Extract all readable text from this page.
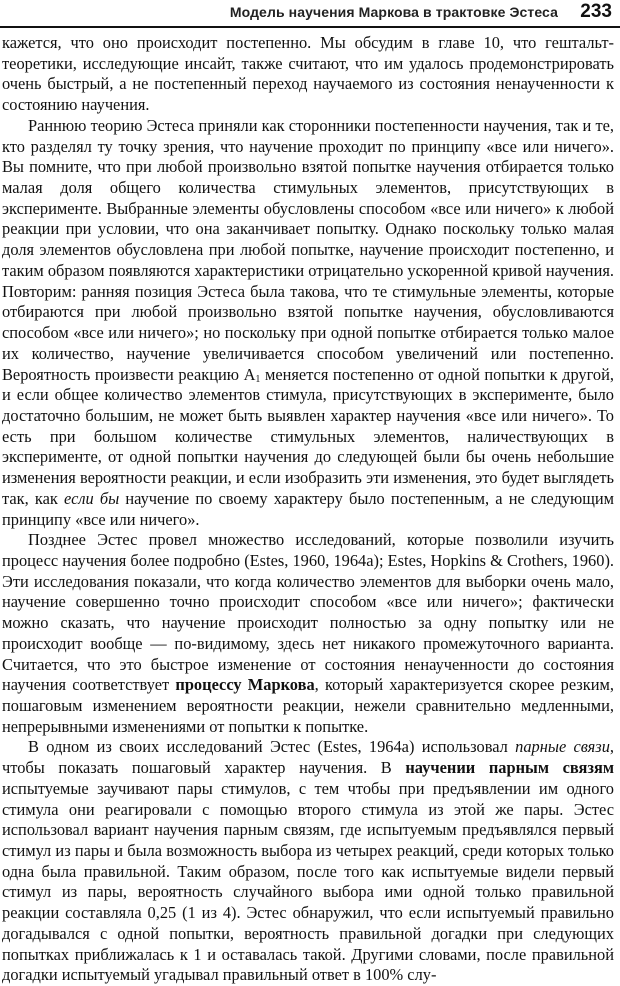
Модель научения Маркова в трактовке Эстеса 233

кажется, что оно происходит постепенно. Мы обсудим в главе 10, что гештальт-теоретики, исследующие инсайт, также считают, что им удалось продемонстрировать очень быстрый, а не постепенный переход научаемого из состояния ненаученности к состоянию научения.

Раннюю теорию Эстеса приняли как сторонники постепенности научения, так и те, кто разделял ту точку зрения, что научение проходит по принципу «все или ничего». Вы помните, что при любой произвольно взятой попытке научения отбирается только малая доля общего количества стимульных элементов, присутствующих в эксперименте. Выбранные элементы обусловлены способом «все или ничего» к любой реакции при условии, что она заканчивает попытку. Однако поскольку только малая доля элементов обусловлена при любой попытке, научение происходит постепенно, и таким образом появляются характеристики отрицательно ускоренной кривой научения. Повторим: ранняя позиция Эстеса была такова, что те стимульные элементы, которые отбираются при любой произвольно взятой попытке научения, обусловливаются способом «все или ничего»; но поскольку при одной попытке отбирается только малое их количество, научение увеличивается способом увеличений или постепенно. Вероятность произвести реакцию $A_1$ меняется постепенно от одной попытки к другой, и если общее количество элементов стимула, присутствующих в эксперименте, было достаточно большим, не может быть выявлен характер научения «все или ничего». То есть при большом количестве стимульных элементов, наличествующих в эксперименте, от одной попытки научения до следующей были бы очень небольшие изменения вероятности реакции, и если изобразить эти изменения, это будет выглядеть так, как если бы научение по своему характеру было постепенным, а не следующим принципу «все или ничего».

Позднее Эстес провел множество исследований, которые позволили изучить процесс научения более подробно (Estes, 1960, 1964a); Estes, Hopkins & Crothers, 1960). Эти исследования показали, что когда количество элементов для выборки очень мало, научение совершенно точно происходит способом «все или ничего»; фактически можно сказать, что научение происходит полностью за одну попытку или не происходит вообще — по-видимому, здесь нет никакого промежуточного варианта. Считается, что это быстрое изменение от состояния ненаученности до состояния научения соответствует процессу Маркова, который характеризуется скорее резким, пошаговым изменением вероятности реакции, нежели сравнительно медленными, непрерывными изменениями от попытки к попытке.

В одном из своих исследований Эстес (Estes, 1964a) использовал парные связи, чтобы показать пошаговый характер научения. В научении парным связям испытуемые заучивают пары стимулов, с тем чтобы при предъявлении им одного стимула они реагировали с помощью второго стимула из этой же пары. Эстес использовал вариант научения парным связям, где испытуемым предъявлялся первый стимул из пары и была возможность выбора из четырех реакций, среди которых только одна была правильной. Таким образом, после того как испытуемые видели первый стимул из пары, вероятность случайного выбора ими одной только правильной реакции составляла 0,25 (1 из 4). Эстес обнаружил, что если испытуемый правильно догадывался с одной попытки, вероятность правильной догадки при следующих попытках приближалась к 1 и оставалась такой. Другими словами, после правильной догадки испытуемый угадывал правильный ответ в 100% слу-
